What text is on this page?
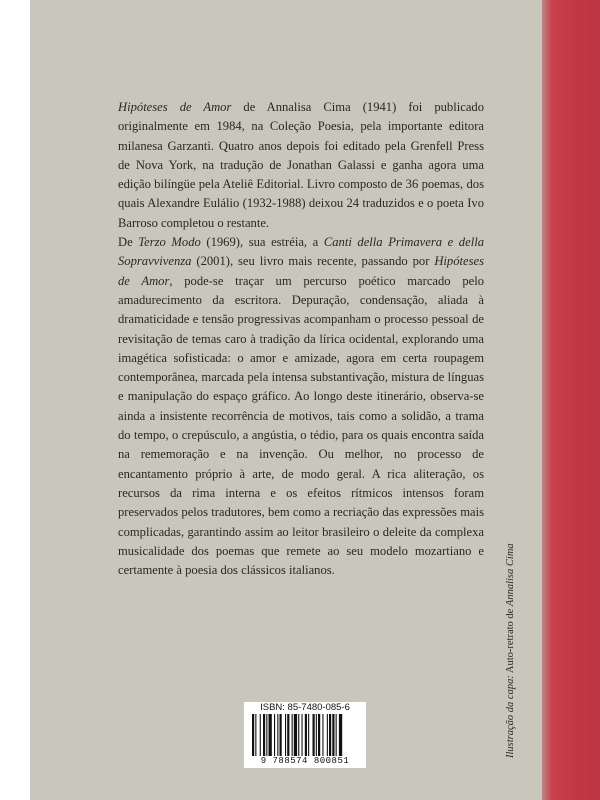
Hipóteses de Amor de Annalisa Cima (1941) foi publicado originalmente em 1984, na Coleção Poesia, pela importante editora milanesa Garzanti. Quatro anos depois foi editado pela Grenfell Press de Nova York, na tradução de Jonathan Galassi e ganha agora uma edição bilíngüe pela Ateliê Editorial. Livro composto de 36 poemas, dos quais Alexandre Eulálio (1932-1988) deixou 24 traduzidos e o poeta Ivo Barroso completou o restante.

De Terzo Modo (1969), sua estréia, a Canti della Primavera e della Sopravvivenza (2001), seu livro mais recente, passando por Hipóteses de Amor, pode-se traçar um percurso poético marcado pelo amadurecimento da escritora. Depuração, condensação, aliada à dramaticidade e tensão progressivas acompanham o processo pessoal de revisitação de temas caro à tradição da lírica ocidental, explorando uma imagética sofisticada: o amor e amizade, agora em certa roupagem contemporânea, marcada pela intensa substantivação, mistura de línguas e manipulação do espaço gráfico. Ao longo deste itinerário, observa-se ainda a insistente recorrência de motivos, tais como a solidão, a trama do tempo, o crepúsculo, a angústia, o tédio, para os quais encontra saída na rememoração e na invenção. Ou melhor, no processo de encantamento próprio à arte, de modo geral. A rica aliteração, os recursos da rima interna e os efeitos rítmicos intensos foram preservados pelos tradutores, bem como a recriação das expressões mais complicadas, garantindo assim ao leitor brasileiro o deleite da complexa musicalidade dos poemas que remete ao seu modelo mozartiano e certamente à poesia dos clássicos italianos.

ISBN: 85-7480-085-6
9 788574 800851
Ilustração da capa: Auto-retrato de Annalisa Cima
